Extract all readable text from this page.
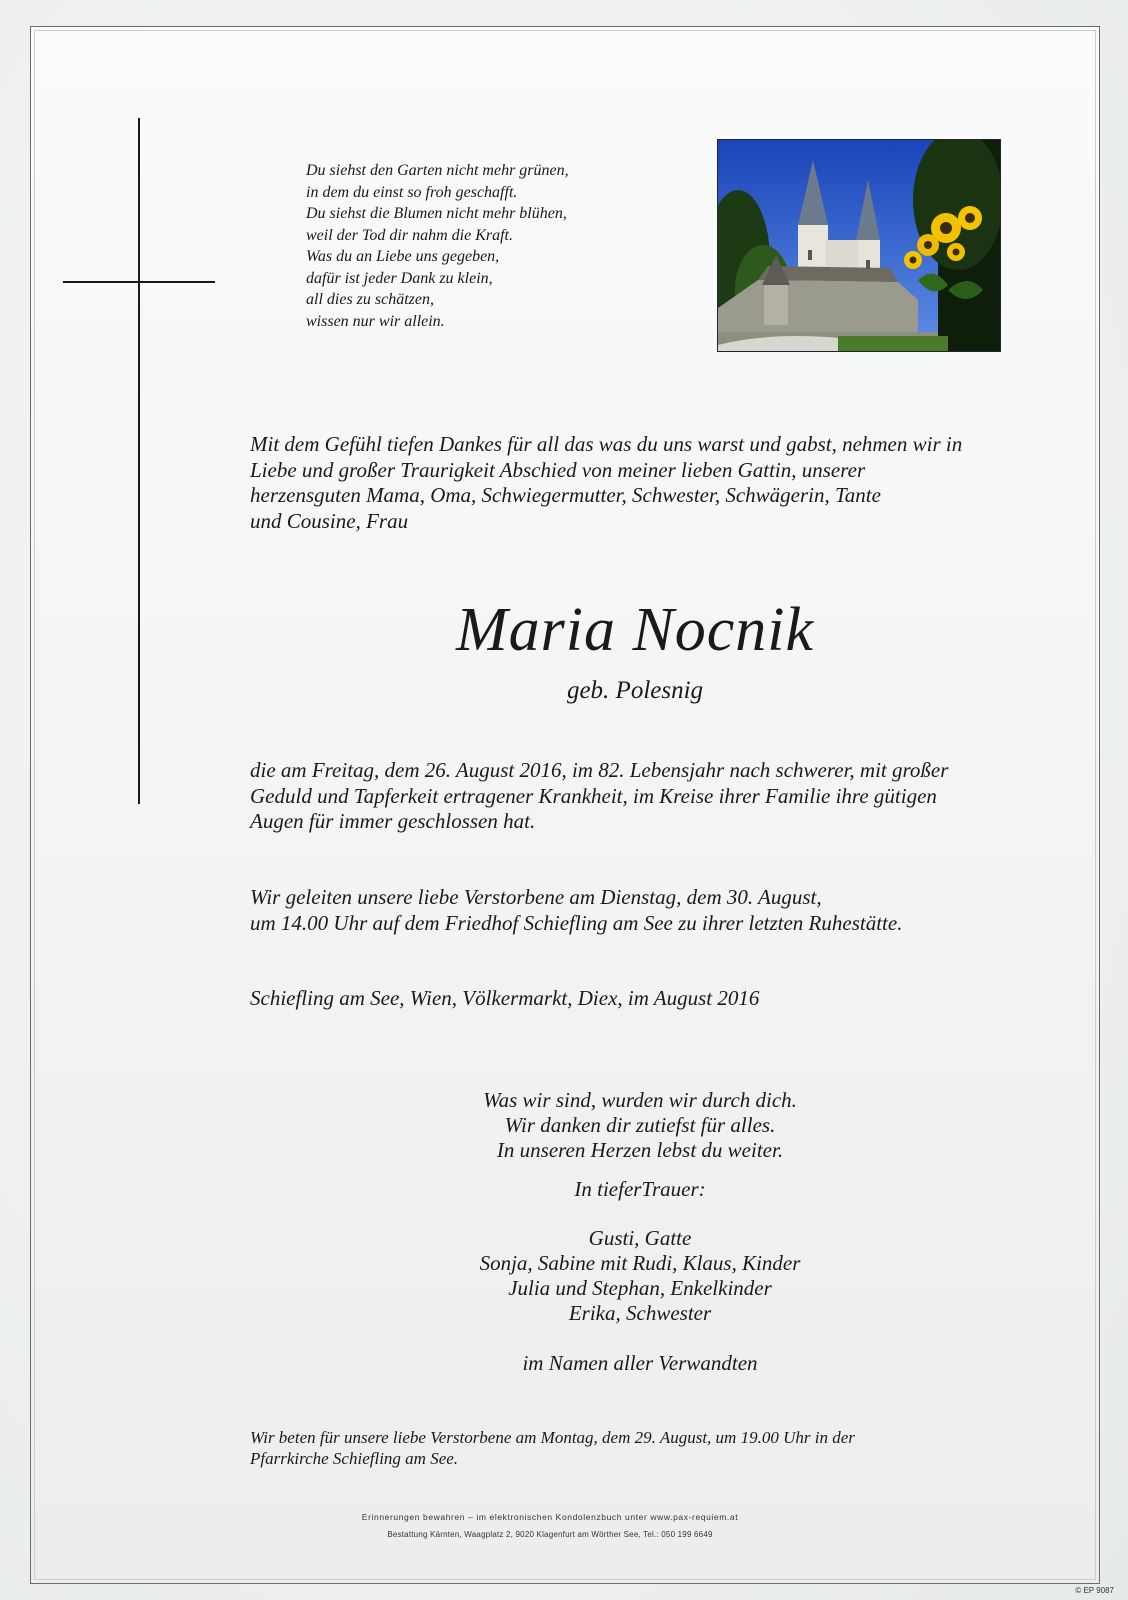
Du siehst den Garten nicht mehr grünen,
in dem du einst so froh geschafft.
Du siehst die Blumen nicht mehr blühen,
weil der Tod dir nahm die Kraft.
Was du an Liebe uns gegeben,
dafür ist jeder Dank zu klein,
all dies zu schätzen,
wissen nur wir allein.
Mit dem Gefühl tiefen Dankes für all das was du uns warst und gabst, nehmen wir in
Liebe und großer Traurigkeit Abschied von meiner lieben Gattin, unserer
herzensguten Mama, Oma, Schwiegermutter, Schwester, Schwägerin, Tante
und Cousine, Frau
Maria Nocnik
geb. Polesnig
die am Freitag, dem 26. August 2016, im 82. Lebensjahr nach schwerer, mit großer
Geduld und Tapferkeit ertragener Krankheit, im Kreise ihrer Familie ihre gütigen
Augen für immer geschlossen hat.
Wir geleiten unsere liebe Verstorbene am Dienstag, dem 30. August,
um 14.00 Uhr auf dem Friedhof Schiefling am See zu ihrer letzten Ruhestätte.
Schiefling am See, Wien, Völkermarkt, Diex, im August 2016
Was wir sind, wurden wir durch dich.
Wir danken dir zutiefst für alles.
In unseren Herzen lebst du weiter.
In tieferTrauer:
Gusti, Gatte
Sonja, Sabine mit Rudi, Klaus, Kinder
Julia und Stephan, Enkelkinder
Erika, Schwester
im Namen aller Verwandten
Wir beten für unsere liebe Verstorbene am Montag, dem 29. August, um 19.00 Uhr in der
Pfarrkirche Schiefling am See.
Erinnerungen bewahren – im elektronischen Kondolenzbuch unter www.pax-requiem.at
Bestattung Kärnten, Waagplatz 2, 9020 Klagenfurt am Wörther See, Tel.: 050 199 6649
© EP 9087
